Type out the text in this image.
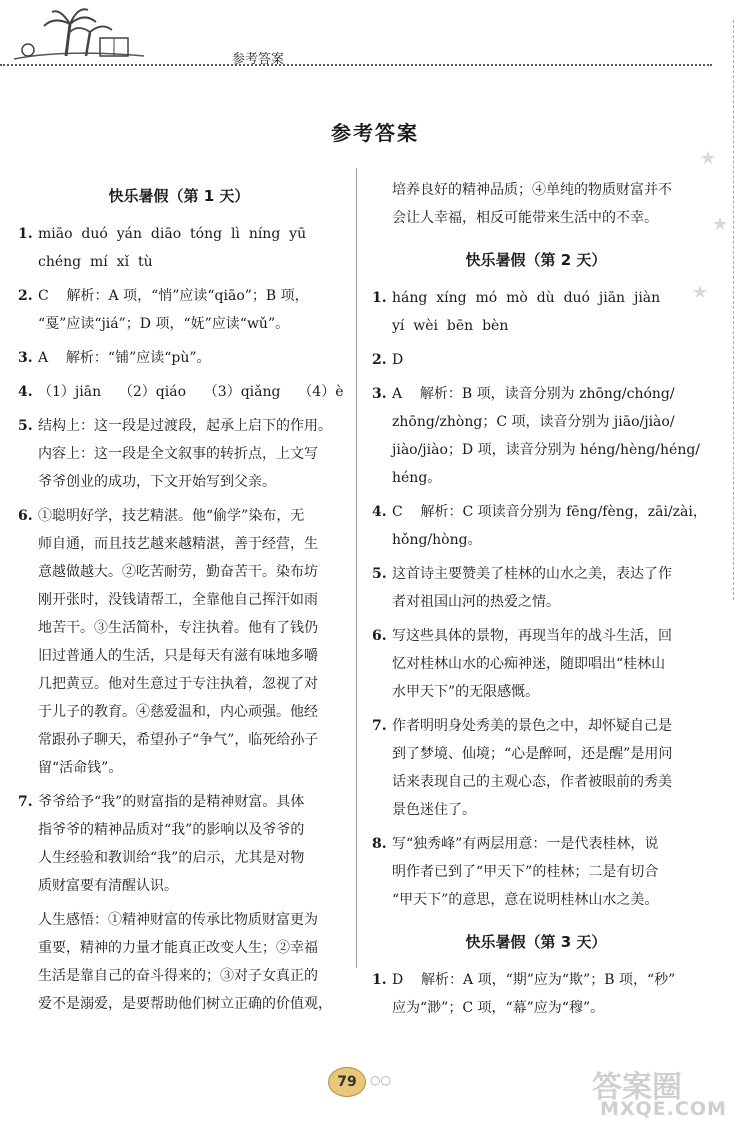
参考答案
★
★
★
参考答案
快乐暑假（第 1 天）
1. miāo  duó  yán  diāo  tóng  lì  níng  yū
chéng  mí  xǐ  tù
2. C    解析：A 项，“悄”应读“qiāo”；B 项，
“戛”应读“jiá”；D 项，“妩”应读“wǔ”。
3. A    解析：“铺”应读“pù”。
4. （1）jiān    （2）qiáo    （3）qiǎng    （4）è
5. 结构上：这一段是过渡段，起承上启下的作用。
内容上：这一段是全文叙事的转折点，上文写
爷爷创业的成功，下文开始写到父亲。
6. ①聪明好学，技艺精湛。他“偷学”染布，无
师自通，而且技艺越来越精湛，善于经营，生
意越做越大。②吃苦耐劳，勤奋苦干。染布坊
刚开张时，没钱请帮工，全靠他自己挥汗如雨
地苦干。③生活简朴，专注执着。他有了钱仍
旧过普通人的生活，只是每天有滋有味地多嚼
几把黄豆。他对生意过于专注执着，忽视了对
于儿子的教育。④慈爱温和，内心顽强。他经
常跟孙子聊天，希望孙子“争气”，临死给孙子
留“活命钱”。
7. 爷爷给予“我”的财富指的是精神财富。具体
指爷爷的精神品质对“我”的影响以及爷爷的
人生经验和教训给“我”的启示，尤其是对物
质财富要有清醒认识。
人生感悟：①精神财富的传承比物质财富更为
重要，精神的力量才能真正改变人生；②幸福
生活是靠自己的奋斗得来的；③对子女真正的
爱不是溺爱，是要帮助他们树立正确的价值观，
培养良好的精神品质；④单纯的物质财富并不
会让人幸福，相反可能带来生活中的不幸。
快乐暑假（第 2 天）
1. háng  xíng  mó  mò  dù  duó  jiān  jiàn
yí  wèi  bēn  bèn
2. D
3. A    解析：B 项，读音分别为 zhōng/chóng/
zhōng/zhòng；C 项，读音分别为 jiāo/jiào/
jiào/jiào；D 项，读音分别为 héng/hèng/héng/
héng。
4. C    解析：C 项读音分别为 fēng/fèng，zāi/zài，
hǒng/hòng。
5. 这首诗主要赞美了桂林的山水之美，表达了作
者对祖国山河的热爱之情。
6. 写这些具体的景物，再现当年的战斗生活，回
忆对桂林山水的心痴神迷，随即唱出“桂林山
水甲天下”的无限感慨。
7. 作者明明身处秀美的景色之中，却怀疑自己是
到了梦境、仙境；“心是醉呵，还是醒”是用问
话来表现自己的主观心态，作者被眼前的秀美
景色迷住了。
8. 写“独秀峰”有两层用意：一是代表桂林，说
明作者已到了“甲天下”的桂林；二是有切合
“甲天下”的意思，意在说明桂林山水之美。
快乐暑假（第 3 天）
1. D    解析：A 项，“期”应为“欺”；B 项，“秒”
应为“渺”；C 项，“幕”应为“穆”。
79	○○	答案圈
MXQE.COM
